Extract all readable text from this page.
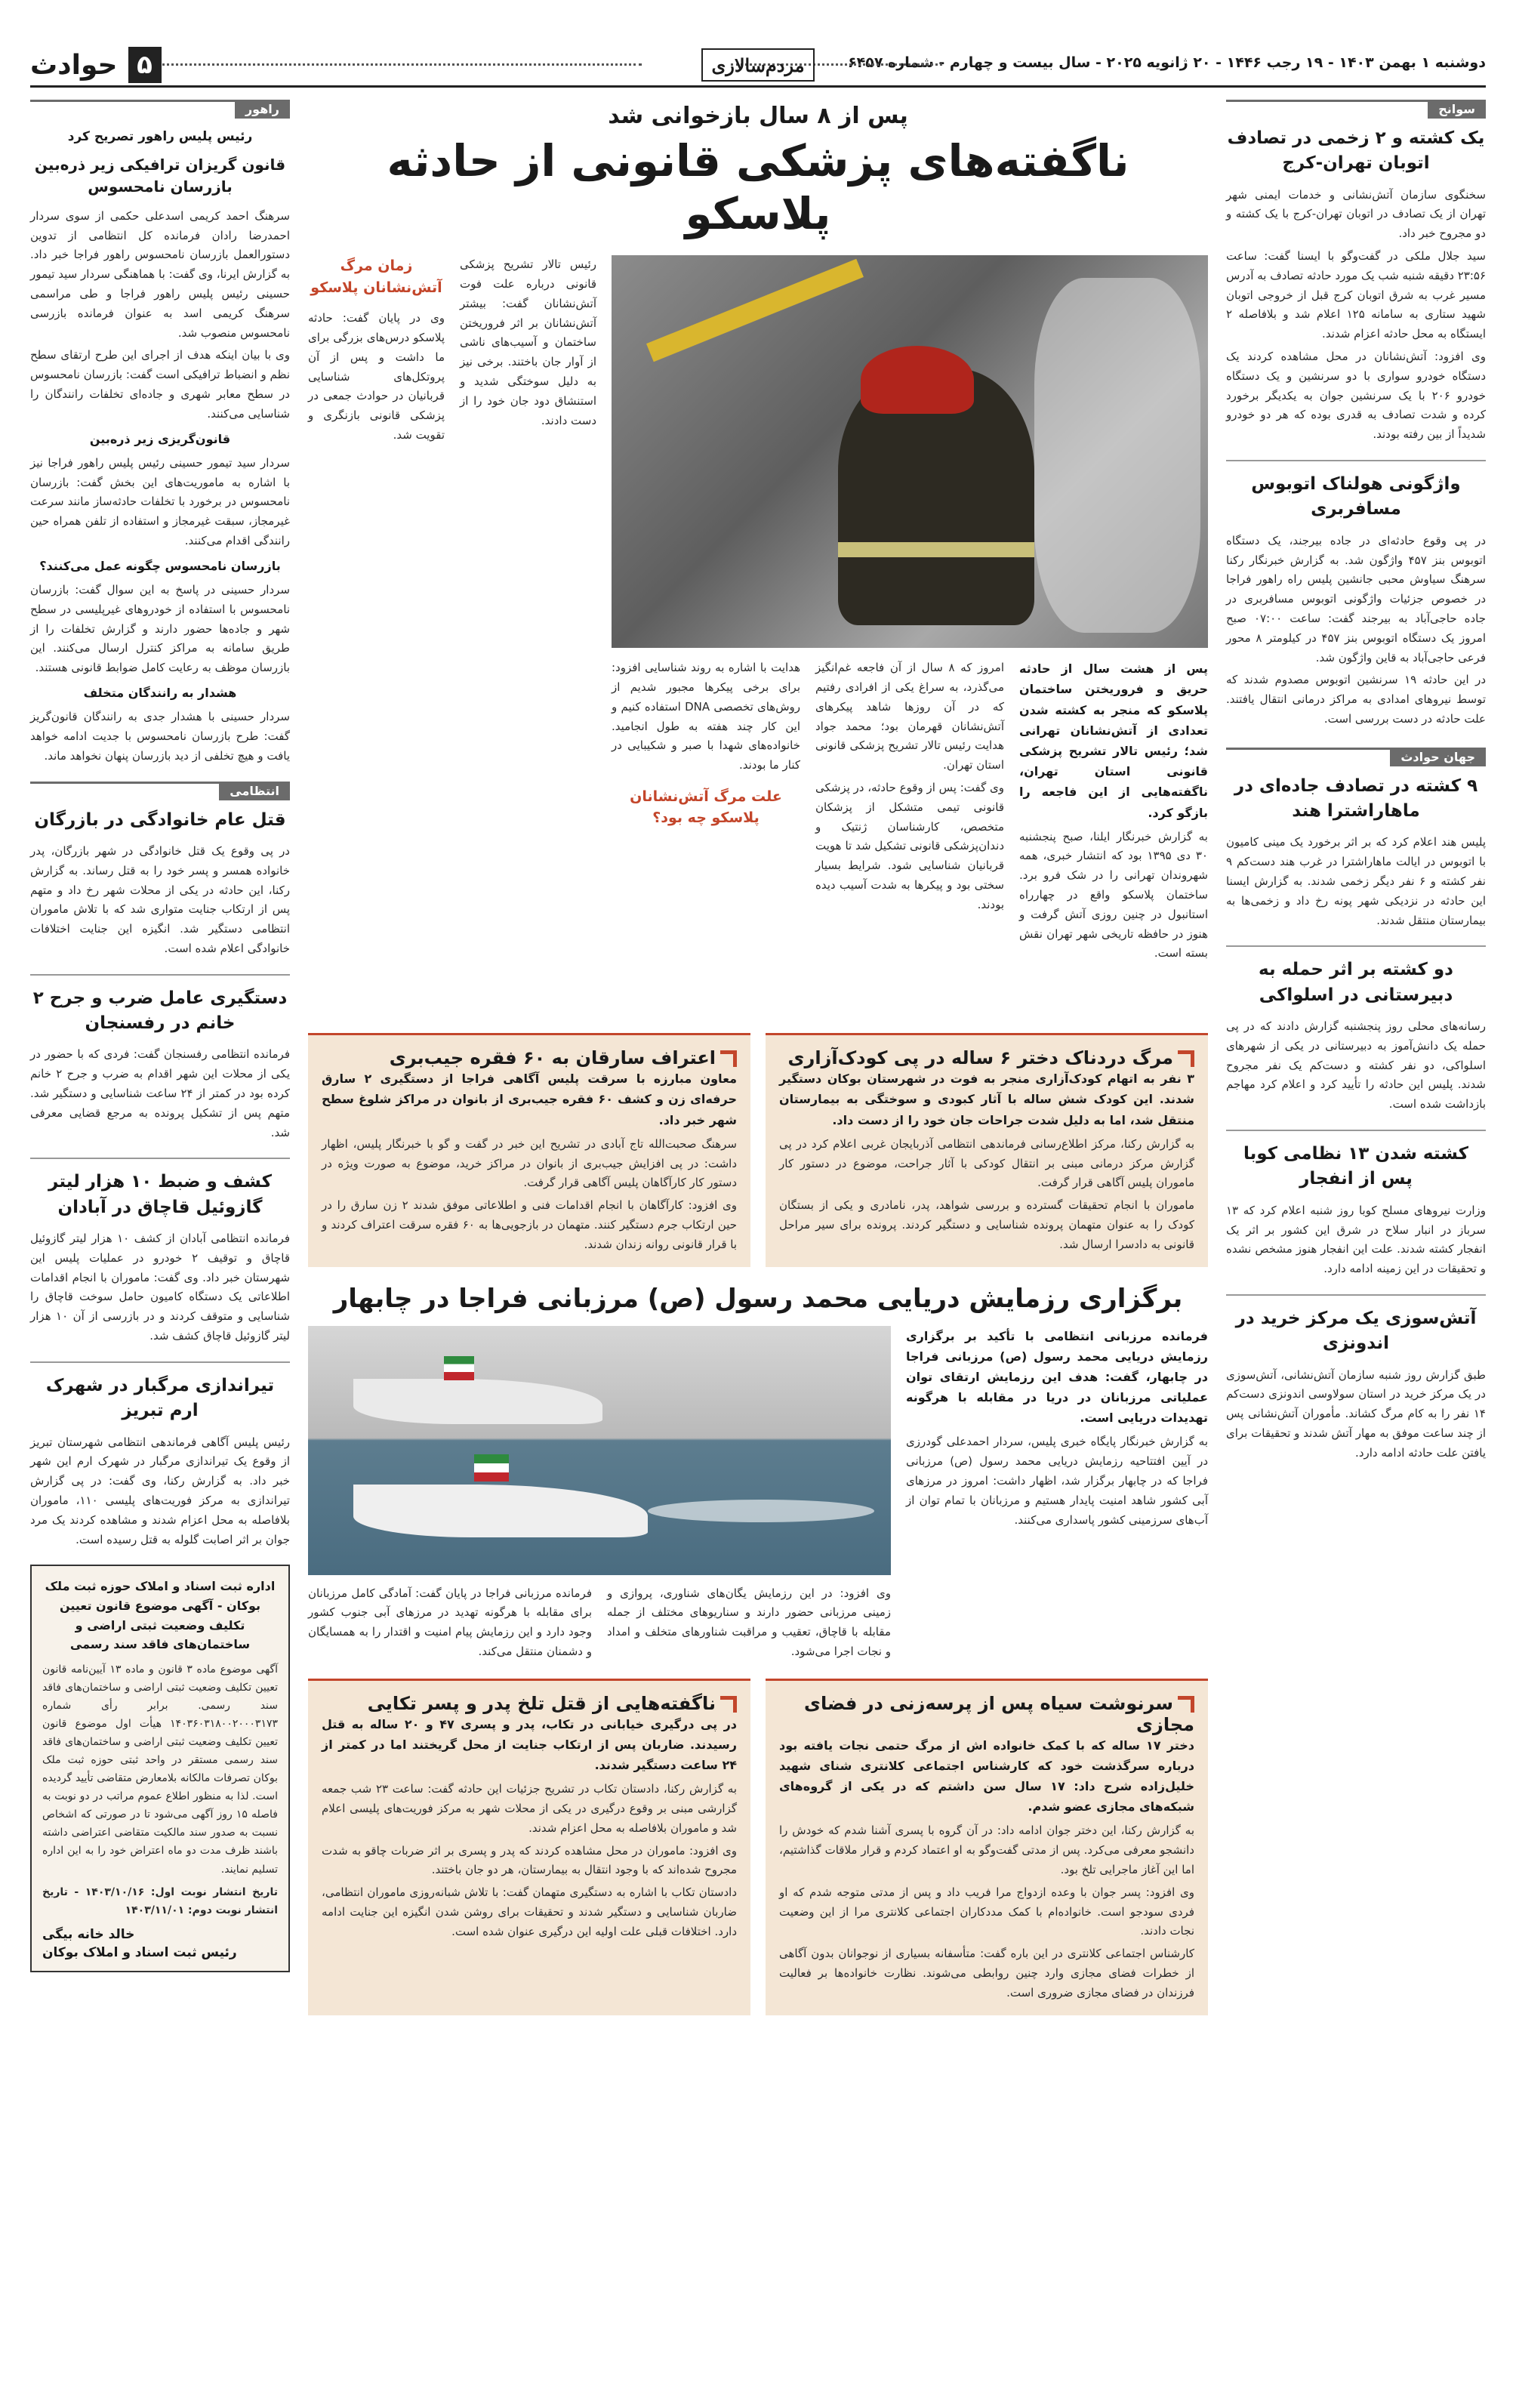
دوشنبه ۱ بهمن ۱۴۰۳ - ۱۹ رجب ۱۴۴۶ - ۲۰ ژانویه ۲۰۲۵ - سال بیست و چهارم - شماره ۶۴۵۷
مردم‌سالاری
۵
حوادث
سوانح
یک کشته و ۲ زخمی در تصادف اتوبان تهران-کرج

سخنگوی سازمان آتش‌نشانی و خدمات ایمنی شهر تهران از یک تصادف در اتوبان تهران-کرج با یک کشته و دو مجروح خبر داد.

سید جلال ملکی در گفت‌وگو با ایسنا گفت: ساعت ۲۳:۵۶ دقیقه شنبه شب یک مورد حادثه تصادف به آدرس مسیر غرب به شرق اتوبان کرج قبل از خروجی اتوبان شهید ستاری به سامانه ۱۲۵ اعلام شد و بلافاصله ۲ ایستگاه به محل حادثه اعزام شدند.

وی افزود: آتش‌نشانان در محل مشاهده کردند یک دستگاه خودرو سواری با دو سرنشین و یک دستگاه خودرو ۲۰۶ با یک سرنشین جوان به یکدیگر برخورد کرده و شدت تصادف به قدری بوده که هر دو خودرو شدیداً از بین رفته بودند.

واژگونی هولناک اتوبوس مسافربری

در پی وقوع حادثه‌ای در جاده بیرجند، یک دستگاه اتوبوس بنز ۴۵۷ واژگون شد. به گزارش خبرنگار رکنا سرهنگ سیاوش محبی جانشین پلیس راه راهور فراجا در خصوص جزئیات واژگونی اتوبوس مسافربری در جاده حاجی‌آباد به بیرجند گفت: ساعت ۰۷:۰۰ صبح امروز یک دستگاه اتوبوس بنز ۴۵۷ در کیلومتر ۸ محور فرعی حاجی‌آباد به قاین واژگون شد.

در این حادثه ۱۹ سرنشین اتوبوس مصدوم شدند که توسط نیروهای امدادی به مراکز درمانی انتقال یافتند. علت حادثه در دست بررسی است.

جهان حوادث
۹ کشته در تصادف جاده‌ای در ماهاراشترا هند

پلیس هند اعلام کرد که بر اثر برخورد یک مینی کامیون با اتوبوس در ایالت ماهاراشترا در غرب هند دست‌کم ۹ نفر کشته و ۶ نفر دیگر زخمی شدند. به گزارش ایسنا این حادثه در نزدیکی شهر پونه رخ داد و زخمی‌ها به بیمارستان منتقل شدند.

دو کشته بر اثر حمله به دبیرستانی در اسلواکی

رسانه‌های محلی روز پنجشنبه گزارش دادند که در پی حمله یک دانش‌آموز به دبیرستانی در یکی از شهرهای اسلواکی، دو نفر کشته و دست‌کم یک نفر مجروح شدند. پلیس این حادثه را تأیید کرد و اعلام کرد مهاجم بازداشت شده است.

کشته شدن ۱۳ نظامی کوبا پس از انفجار

وزارت نیروهای مسلح کوبا روز شنبه اعلام کرد که ۱۳ سرباز در انبار سلاح در شرق این کشور بر اثر یک انفجار کشته شدند. علت این انفجار هنوز مشخص نشده و تحقیقات در این زمینه ادامه دارد.

آتش‌سوزی یک مرکز خرید در اندونزی

طبق گزارش روز شنبه سازمان آتش‌نشانی، آتش‌سوزی در یک مرکز خرید در استان سولاوسی اندونزی دست‌کم ۱۴ نفر را به کام مرگ کشاند. مأموران آتش‌نشانی پس از چند ساعت موفق به مهار آتش شدند و تحقیقات برای یافتن علت حادثه ادامه دارد.

راهور
رئیس پلیس راهور تصریح کرد
قانون گریزان ترافیکی زیر ذره‌بین بازرسان نامحسوس

سرهنگ احمد کریمی اسدعلی حکمی از سوی سردار احمدرضا رادان فرمانده کل انتظامی از تدوین دستورالعمل بازرسان نامحسوس راهور فراجا خبر داد. به گزارش ایرنا، وی گفت: با هماهنگی سردار سید تیمور حسینی رئیس پلیس راهور فراجا و طی مراسمی سرهنگ کریمی اسد به عنوان فرمانده بازرسی نامحسوس منصوب شد.

وی با بیان اینکه هدف از اجرای این طرح ارتقای سطح نظم و انضباط ترافیکی است گفت: بازرسان نامحسوس در سطح معابر شهری و جاده‌ای تخلفات رانندگان را شناسایی می‌کنند.

قانون‌گریزی زیر ذره‌بین

سردار سید تیمور حسینی رئیس پلیس راهور فراجا نیز با اشاره به ماموریت‌های این بخش گفت: بازرسان نامحسوس در برخورد با تخلفات حادثه‌ساز مانند سرعت غیرمجاز، سبقت غیرمجاز و استفاده از تلفن همراه حین رانندگی اقدام می‌کنند.

بازرسان نامحسوس چگونه عمل می‌کنند؟

سردار حسینی در پاسخ به این سوال گفت: بازرسان نامحسوس با استفاده از خودروهای غیرپلیسی در سطح شهر و جاده‌ها حضور دارند و گزارش تخلفات را از طریق سامانه به مراکز کنترل ارسال می‌کنند. این بازرسان موظف به رعایت کامل ضوابط قانونی هستند.

هشدار به رانندگان متخلف

سردار حسینی با هشدار جدی به رانندگان قانون‌گریز گفت: طرح بازرسان نامحسوس با جدیت ادامه خواهد یافت و هیچ تخلفی از دید بازرسان پنهان نخواهد ماند.

انتظامی
قتل عام خانوادگی در بازرگان

در پی وقوع یک قتل خانوادگی در شهر بازرگان، پدر خانواده همسر و پسر خود را به قتل رساند. به گزارش رکنا، این حادثه در یکی از محلات شهر رخ داد و متهم پس از ارتکاب جنایت متواری شد که با تلاش ماموران انتظامی دستگیر شد. انگیزه این جنایت اختلافات خانوادگی اعلام شده است.

دستگیری عامل ضرب و جرح ۲ خانم در رفسنجان

فرمانده انتظامی رفسنجان گفت: فردی که با حضور در یکی از محلات این شهر اقدام به ضرب و جرح ۲ خانم کرده بود در کمتر از ۲۴ ساعت شناسایی و دستگیر شد. متهم پس از تشکیل پرونده به مرجع قضایی معرفی شد.

کشف و ضبط ۱۰ هزار لیتر گازوئیل قاچاق در آبادان

فرمانده انتظامی آبادان از کشف ۱۰ هزار لیتر گازوئیل قاچاق و توقیف ۲ خودرو در عملیات پلیس این شهرستان خبر داد. وی گفت: ماموران با انجام اقدامات اطلاعاتی یک دستگاه کامیون حامل سوخت قاچاق را شناسایی و متوقف کردند و در بازرسی از آن ۱۰ هزار لیتر گازوئیل قاچاق کشف شد.

تیراندازی مرگبار در شهرک ارم تبریز

رئیس پلیس آگاهی فرماندهی انتظامی شهرستان تبریز از وقوع یک تیراندازی مرگبار در شهرک ارم این شهر خبر داد. به گزارش رکنا، وی گفت: در پی گزارش تیراندازی به مرکز فوریت‌های پلیسی ۱۱۰، ماموران بلافاصله به محل اعزام شدند و مشاهده کردند یک مرد جوان بر اثر اصابت گلوله به قتل رسیده است.

اداره ثبت اسناد و املاک حوزه ثبت ملک بوکان - آگهی موضوع قانون تعیین تکلیف وضعیت ثبتی اراضی و ساختمان‌های فاقد سند رسمی

آگهی موضوع ماده ۳ قانون و ماده ۱۳ آیین‌نامه قانون تعیین تکلیف وضعیت ثبتی اراضی و ساختمان‌های فاقد سند رسمی. برابر رأی شماره ۱۴۰۳۶۰۳۱۸۰۰۲۰۰۰۳۱۷۳ هیأت اول موضوع قانون تعیین تکلیف وضعیت ثبتی اراضی و ساختمان‌های فاقد سند رسمی مستقر در واحد ثبتی حوزه ثبت ملک بوکان تصرفات مالکانه بلامعارض متقاضی تأیید گردیده است. لذا به منظور اطلاع عموم مراتب در دو نوبت به فاصله ۱۵ روز آگهی می‌شود تا در صورتی که اشخاص نسبت به صدور سند مالکیت متقاضی اعتراضی داشته باشند ظرف مدت دو ماه اعتراض خود را به این اداره تسلیم نمایند.

تاریخ انتشار نوبت اول: ۱۴۰۳/۱۰/۱۶ - تاریخ انتشار نوبت دوم: ۱۴۰۳/۱۱/۰۱

خالد خانه بیگی
رئیس ثبت اسناد و املاک بوکان
پس از ۸ سال بازخوانی شد
ناگفته‌های پزشکی قانونی از حادثه پلاسکو

پس از هشت سال از حادثه حریق و فروریختن ساختمان پلاسکو که منجر به کشته شدن تعدادی از آتش‌نشانان تهرانی شد؛ رئیس تالار تشریح پزشکی قانونی استان تهران، ناگفته‌هایی از این فاجعه را بازگو کرد.

به گزارش خبرنگار ایلنا، صبح پنجشنبه ۳۰ دی ۱۳۹۵ بود که انتشار خبری، همه شهروندان تهرانی را در شک فرو برد. ساختمان پلاسکو واقع در چهارراه استانبول در چنین روزی آتش گرفت و هنوز در حافظه تاریخی شهر تهران نقش بسته است.

امروز که ۸ سال از آن فاجعه غم‌انگیز می‌گذرد، به سراغ یکی از افرادی رفتیم که در آن روزها شاهد پیکرهای آتش‌نشانان قهرمان بود؛ محمد جواد هدایت رئیس تالار تشریح پزشکی قانونی استان تهران.

وی گفت: پس از وقوع حادثه، در پزشکی قانونی تیمی متشکل از پزشکان متخصص، کارشناسان ژنتیک و دندان‌پزشکی قانونی تشکیل شد تا هویت قربانیان شناسایی شود. شرایط بسیار سختی بود و پیکرها به شدت آسیب دیده بودند.

هدایت با اشاره به روند شناسایی افزود: برای برخی پیکرها مجبور شدیم از روش‌های تخصصی DNA استفاده کنیم و این کار چند هفته به طول انجامید. خانواده‌های شهدا با صبر و شکیبایی در کنار ما بودند.

علت مرگ آتش‌نشانان پلاسکو چه بود؟

رئیس تالار تشریح پزشکی قانونی درباره علت فوت آتش‌نشانان گفت: بیشتر آتش‌نشانان بر اثر فروریختن ساختمان و آسیب‌های ناشی از آوار جان باختند. برخی نیز به دلیل سوختگی شدید و استنشاق دود جان خود را از دست دادند.

زمان مرگ آتش‌نشانان پلاسکو

وی در پایان گفت: حادثه پلاسکو درس‌های بزرگی برای ما داشت و پس از آن پروتکل‌های شناسایی قربانیان در حوادث جمعی در پزشکی قانونی بازنگری و تقویت شد.

مرگ دردناک دختر ۶ ساله در پی کودک‌آزاری

۳ نفر به اتهام کودک‌آزاری منجر به فوت در شهرستان بوکان دستگیر شدند. این کودک شش ساله با آثار کبودی و سوختگی به بیمارستان منتقل شد، اما به دلیل شدت جراحات جان خود را از دست داد.

به گزارش رکنا، مرکز اطلاع‌رسانی فرماندهی انتظامی آذربایجان غربی اعلام کرد در پی گزارش مرکز درمانی مبنی بر انتقال کودکی با آثار جراحت، موضوع در دستور کار ماموران پلیس آگاهی قرار گرفت.

ماموران با انجام تحقیقات گسترده و بررسی شواهد، پدر، نامادری و یکی از بستگان کودک را به عنوان متهمان پرونده شناسایی و دستگیر کردند. پرونده برای سیر مراحل قانونی به دادسرا ارسال شد.

اعتراف سارقان به ۶۰ فقره جیب‌بری

معاون مبارزه با سرقت پلیس آگاهی فراجا از دستگیری ۲ سارق حرفه‌ای زن و کشف ۶۰ فقره جیب‌بری از بانوان در مراکز شلوغ سطح شهر خبر داد.

سرهنگ صحبت‌الله تاج آبادی در تشریح این خبر در گفت و گو با خبرنگار پلیس، اظهار داشت: در پی افزایش جیب‌بری از بانوان در مراکز خرید، موضوع به صورت ویژه در دستور کار کارآگاهان پلیس آگاهی قرار گرفت.

وی افزود: کارآگاهان با انجام اقدامات فنی و اطلاعاتی موفق شدند ۲ زن سارق را در حین ارتکاب جرم دستگیر کنند. متهمان در بازجویی‌ها به ۶۰ فقره سرقت اعتراف کردند و با قرار قانونی روانه زندان شدند.

برگزاری رزمایش دریایی محمد رسول (ص) مرزبانی فراجا در چابهار

فرمانده مرزبانی انتظامی با تأکید بر برگزاری رزمایش دریایی محمد رسول (ص) مرزبانی فراجا در چابهار، گفت: هدف این رزمایش ارتقای توان عملیاتی مرزبانان در دریا در مقابله با هرگونه تهدیدات دریایی است.

به گزارش خبرنگار پایگاه خبری پلیس، سردار احمدعلی گودرزی در آیین افتتاحیه رزمایش دریایی محمد رسول (ص) مرزبانی فراجا که در چابهار برگزار شد، اظهار داشت: امروز در مرزهای آبی کشور شاهد امنیت پایدار هستیم و مرزبانان با تمام توان از آب‌های سرزمینی کشور پاسداری می‌کنند.

وی افزود: در این رزمایش یگان‌های شناوری، پروازی و زمینی مرزبانی حضور دارند و سناریوهای مختلف از جمله مقابله با قاچاق، تعقیب و مراقبت شناورهای متخلف و امداد و نجات اجرا می‌شود.

فرمانده مرزبانی فراجا در پایان گفت: آمادگی کامل مرزبانان برای مقابله با هرگونه تهدید در مرزهای آبی جنوب کشور وجود دارد و این رزمایش پیام امنیت و اقتدار را به همسایگان و دشمنان منتقل می‌کند.

سرنوشت سیاه پس از پرسه‌زنی در فضای مجازی

دختر ۱۷ ساله که با کمک خانواده اش از مرگ حتمی نجات یافته بود درباره سرگذشت خود که کارشناس اجتماعی کلانتری شنای شهید خلیل‌زاده شرح داد: ۱۷ سال سن داشتم که در یکی از گروه‌های شبکه‌های مجازی عضو شدم.

به گزارش رکنا، این دختر جوان ادامه داد: در آن گروه با پسری آشنا شدم که خودش را دانشجو معرفی می‌کرد. پس از مدتی گفت‌وگو به او اعتماد کردم و قرار ملاقات گذاشتیم، اما این آغاز ماجرایی تلخ بود.

وی افزود: پسر جوان با وعده ازدواج مرا فریب داد و پس از مدتی متوجه شدم که او فردی سودجو است. خانواده‌ام با کمک مددکاران اجتماعی کلانتری مرا از این وضعیت نجات دادند.

کارشناس اجتماعی کلانتری در این باره گفت: متأسفانه بسیاری از نوجوانان بدون آگاهی از خطرات فضای مجازی وارد چنین روابطی می‌شوند. نظارت خانواده‌ها بر فعالیت فرزندان در فضای مجازی ضروری است.

ناگفته‌هایی از قتل تلخ پدر و پسر تکایی

در پی درگیری خیابانی در تکاب، پدر و پسری ۴۷ و ۲۰ ساله به قتل رسیدند. ضاربان پس از ارتکاب جنایت از محل گریختند اما در کمتر از ۲۴ ساعت دستگیر شدند.

به گزارش رکنا، دادستان تکاب در تشریح جزئیات این حادثه گفت: ساعت ۲۳ شب جمعه گزارشی مبنی بر وقوع درگیری در یکی از محلات شهر به مرکز فوریت‌های پلیسی اعلام شد و ماموران بلافاصله به محل اعزام شدند.

وی افزود: ماموران در محل مشاهده کردند که پدر و پسری بر اثر ضربات چاقو به شدت مجروح شده‌اند که با وجود انتقال به بیمارستان، هر دو جان باختند.

دادستان تکاب با اشاره به دستگیری متهمان گفت: با تلاش شبانه‌روزی ماموران انتظامی، ضاربان شناسایی و دستگیر شدند و تحقیقات برای روشن شدن انگیزه این جنایت ادامه دارد. اختلافات قبلی علت اولیه این درگیری عنوان شده است.
